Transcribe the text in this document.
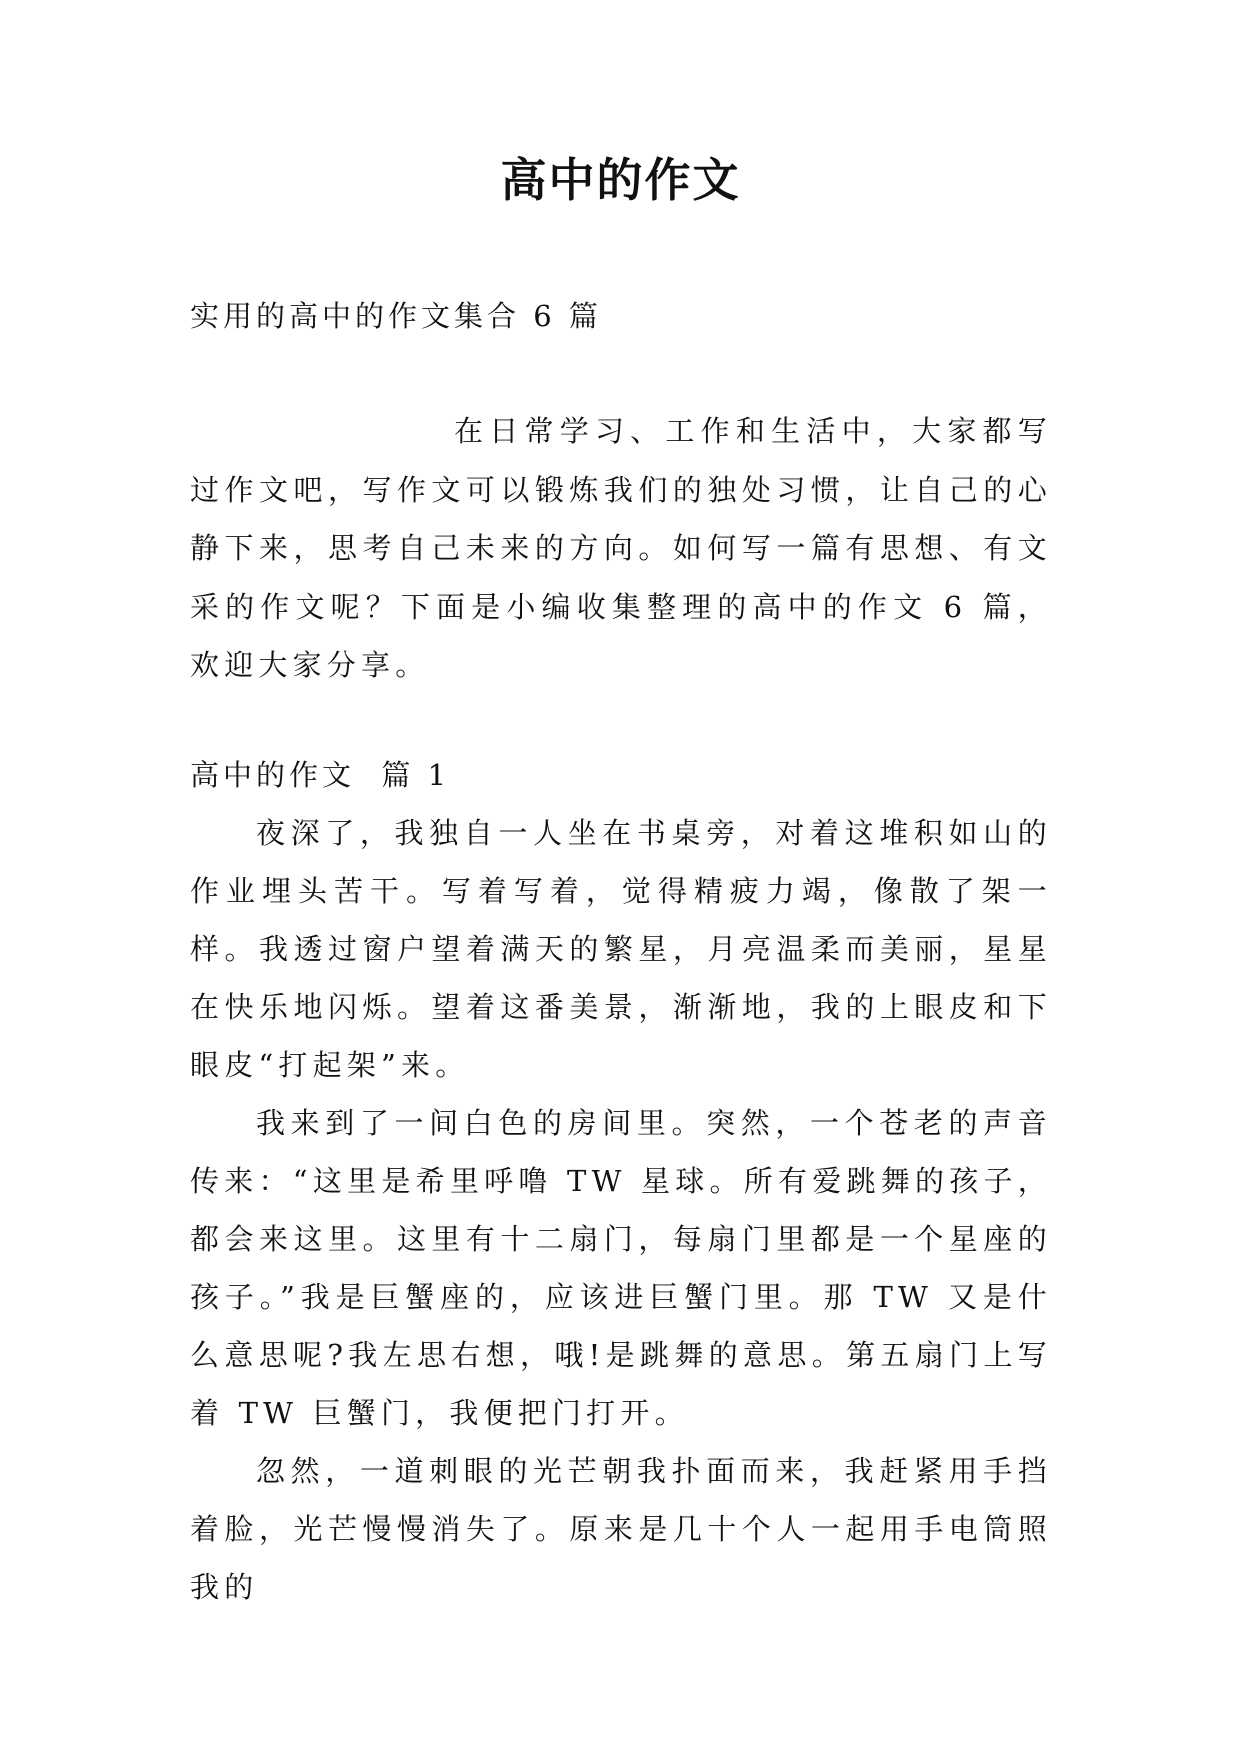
高中的作文
实用的高中的作文集合 6 篇
在日常学习、工作和生活中，大家都写过作文吧，写作文可以锻炼我们的独处习惯，让自己的心静下来，思考自己未来的方向。如何写一篇有思想、有文采的作文呢？下面是小编收集整理的高中的作文 6 篇，欢迎大家分享。
高中的作文  篇 1

夜深了，我独自一人坐在书桌旁，对着这堆积如山的作业埋头苦干。写着写着，觉得精疲力竭，像散了架一样。我透过窗户望着满天的繁星，月亮温柔而美丽，星星在快乐地闪烁。望着这番美景，渐渐地，我的上眼皮和下眼皮“打起架”来。

我来到了一间白色的房间里。突然，一个苍老的声音传来：“这里是希里呼噜 TW 星球。所有爱跳舞的孩子，都会来这里。这里有十二扇门，每扇门里都是一个星座的孩子。”我是巨蟹座的，应该进巨蟹门里。那 TW 又是什么意思呢?我左思右想，哦!是跳舞的意思。第五扇门上写着 TW 巨蟹门，我便把门打开。

忽然，一道刺眼的光芒朝我扑面而来，我赶紧用手挡着脸，光芒慢慢消失了。原来是几十个人一起用手电筒照我的
